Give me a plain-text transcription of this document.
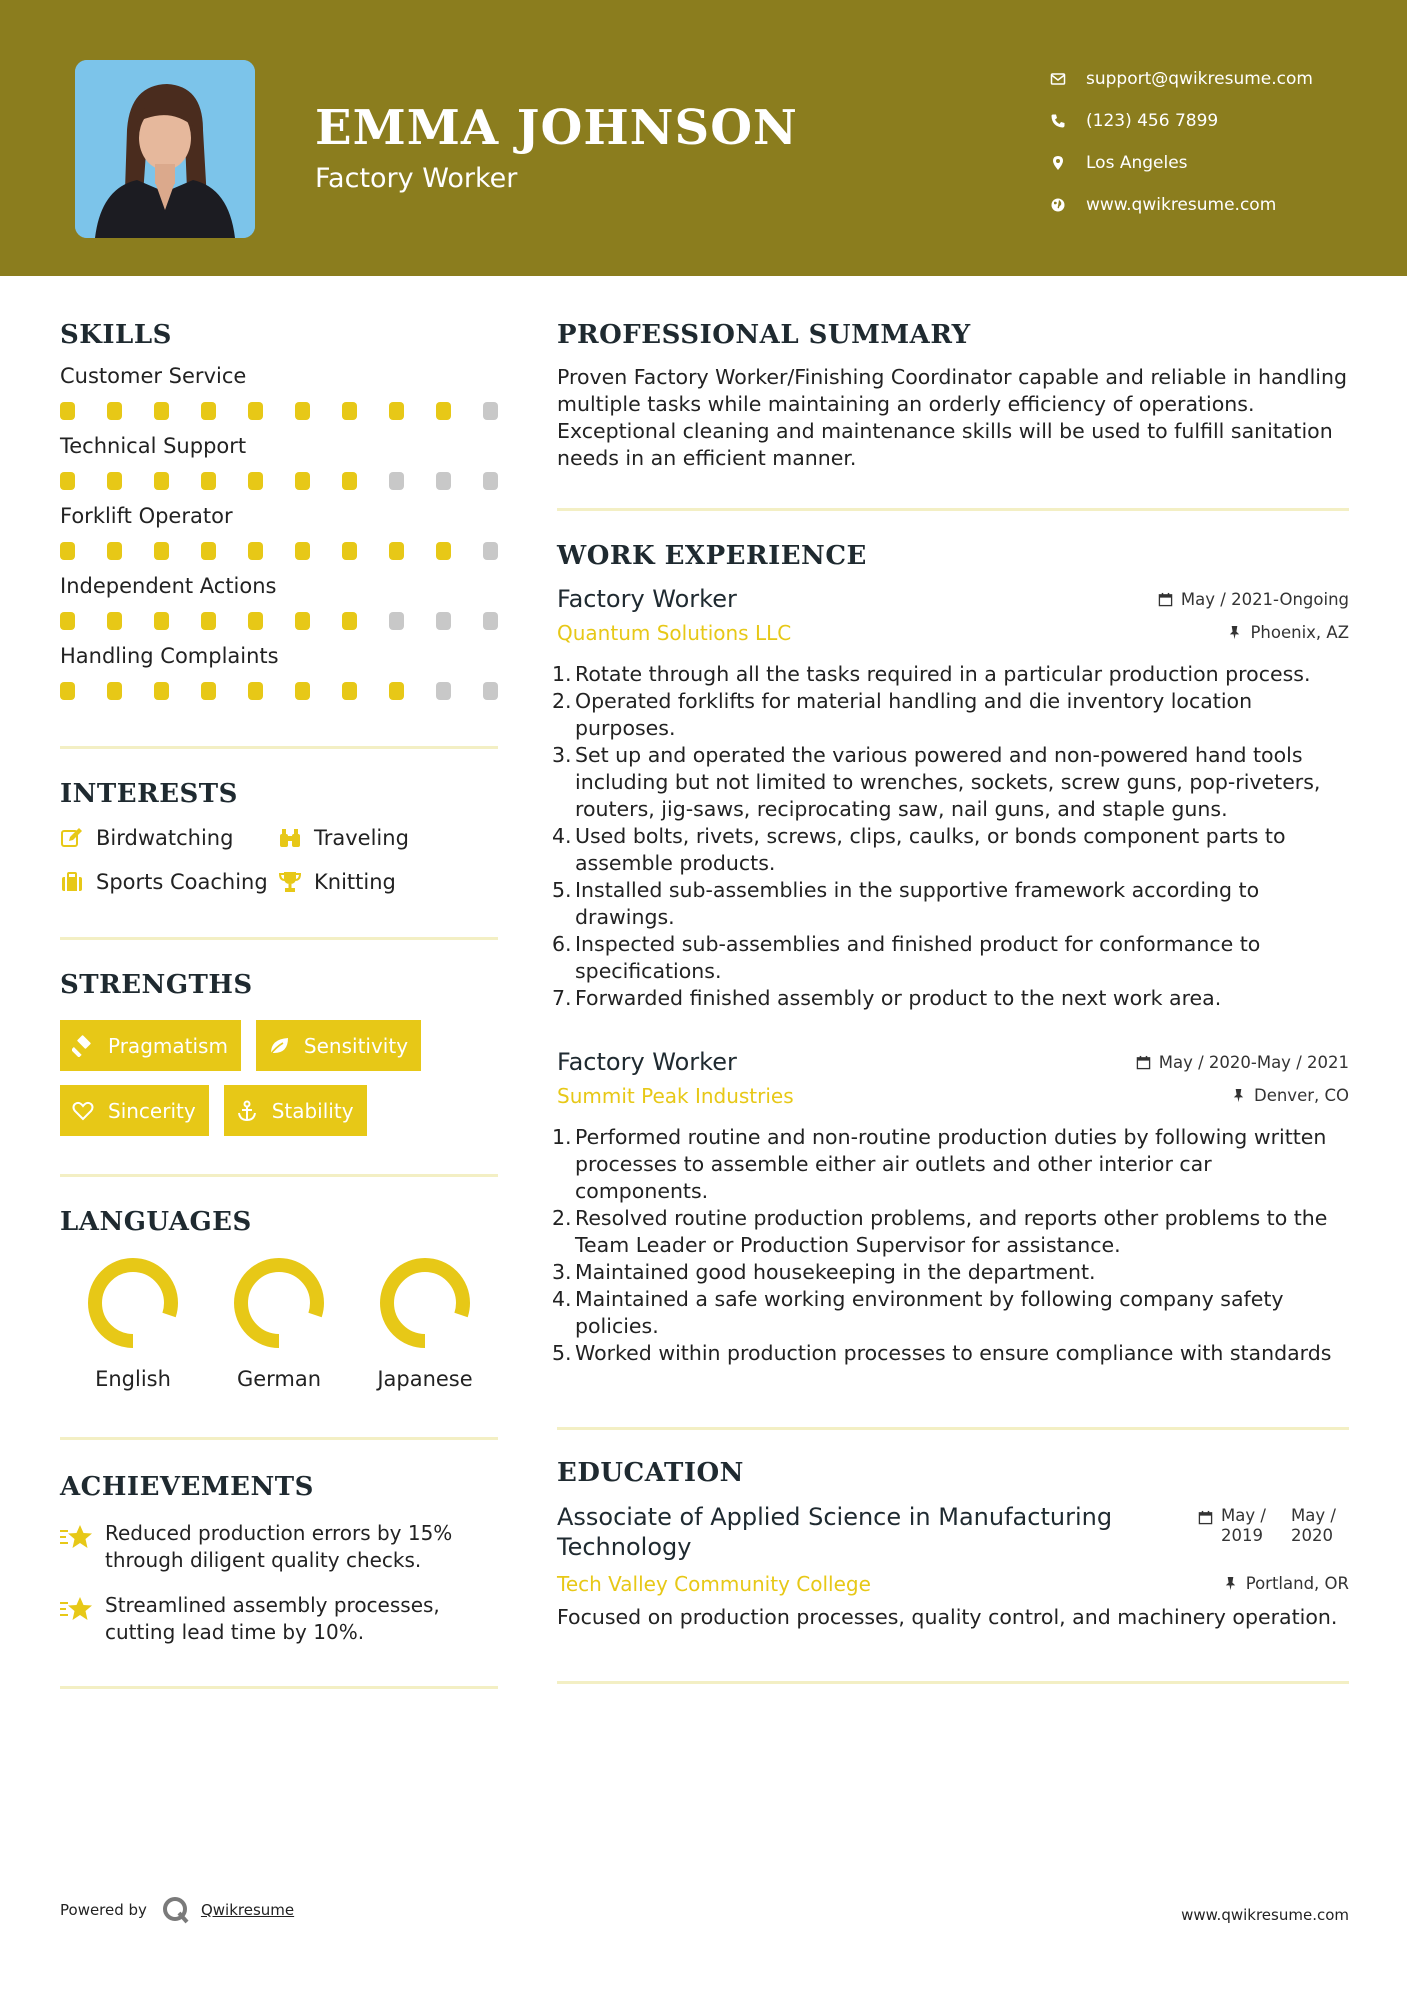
EMMA JOHNSON
Factory Worker
support@qwikresume.com
(123) 456 7899
Los Angeles
www.qwikresume.com
SKILLS
Customer Service
Technical Support
Forklift Operator
Independent Actions
Handling Complaints
INTERESTS
Birdwatching	Traveling
Sports Coaching Knitting
STRENGTHS
Pragmatism	Sensitivity
Sincerity	Stability
LANGUAGES
English	German	Japanese
ACHIEVEMENTS
Reduced production errors by 15% through diligent quality checks.
Streamlined assembly processes, cutting lead time by 10%.
PROFESSIONAL SUMMARY
Proven Factory Worker/Finishing Coordinator capable and reliable in handling multiple tasks while maintaining an orderly efficiency of operations. Exceptional cleaning and maintenance skills will be used to fulfill sanitation needs in an efficient manner.
WORK EXPERIENCE
Factory Worker	May / 2021-Ongoing
Quantum Solutions LLC	Phoenix, AZ
Rotate through all the tasks required in a particular production process.
Operated forklifts for material handling and die inventory location purposes.
Set up and operated the various powered and non-powered hand tools including but not limited to wrenches, sockets, screw guns, pop-riveters, routers, jig-saws, reciprocating saw, nail guns, and staple guns.
Used bolts, rivets, screws, clips, caulks, or bonds component parts to assemble products.
Installed sub-assemblies in the supportive framework according to drawings.
Inspected sub-assemblies and finished product for conformance to specifications.
Forwarded finished assembly or product to the next work area.
Factory Worker	May / 2020-May / 2021
Summit Peak Industries	Denver, CO
Performed routine and non-routine production duties by following written processes to assemble either air outlets and other interior car components.
Resolved routine production problems, and reports other problems to the Team Leader or Production Supervisor for assistance.
Maintained good housekeeping in the department.
Maintained a safe working environment by following company safety policies.
Worked within production processes to ensure compliance with standards
EDUCATION
Associate of Applied Science in Manufacturing Technology
May / 2019
May / 2020
Tech Valley Community College	Portland, OR
Focused on production processes, quality control, and machinery operation.
Powered by	Qwikresume	www.qwikresume.com
